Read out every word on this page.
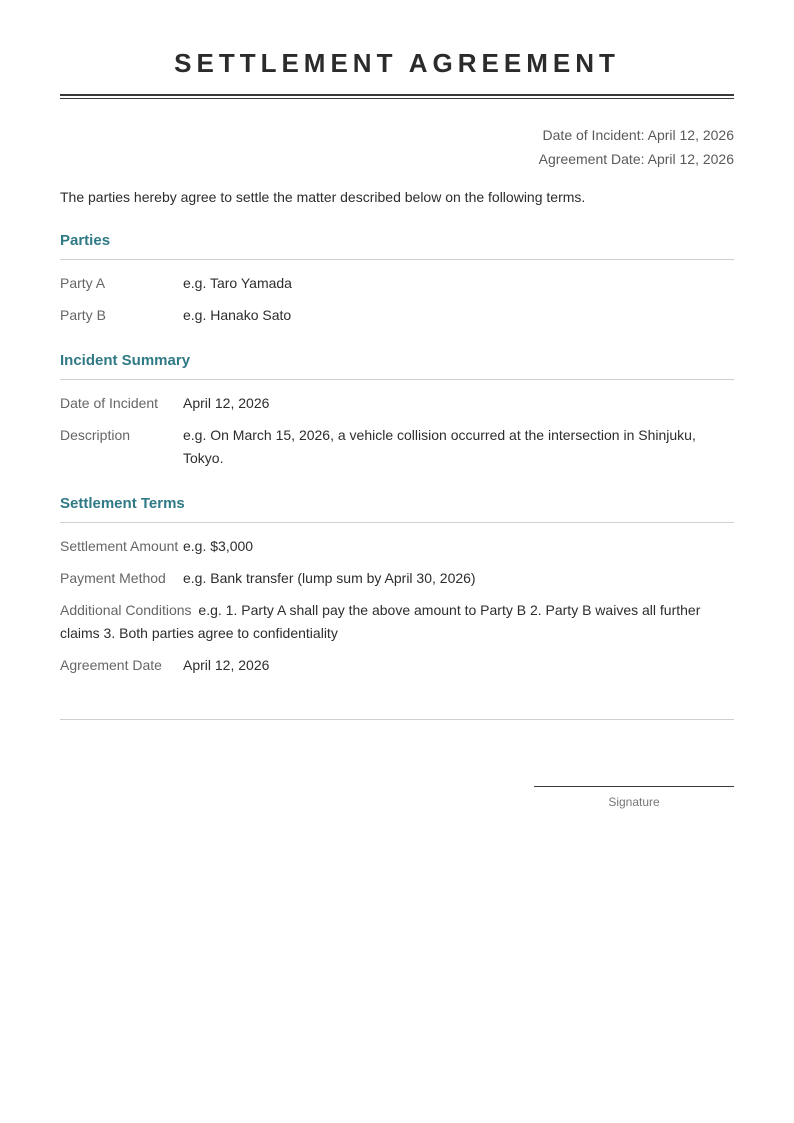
SETTLEMENT AGREEMENT
Date of Incident: April 12, 2026
Agreement Date: April 12, 2026
The parties hereby agree to settle the matter described below on the following terms.
Parties
Party A	e.g. Taro Yamada
Party B	e.g. Hanako Sato
Incident Summary
Date of Incident	April 12, 2026
Description	e.g. On March 15, 2026, a vehicle collision occurred at the intersection in Shinjuku, Tokyo.
Settlement Terms
Settlement Amount e.g. $3,000
Payment Method	e.g. Bank transfer (lump sum by April 30, 2026)
Additional Conditions e.g. 1. Party A shall pay the above amount to Party B 2. Party B waives all further claims 3. Both parties agree to confidentiality
Agreement Date	April 12, 2026
Signature
